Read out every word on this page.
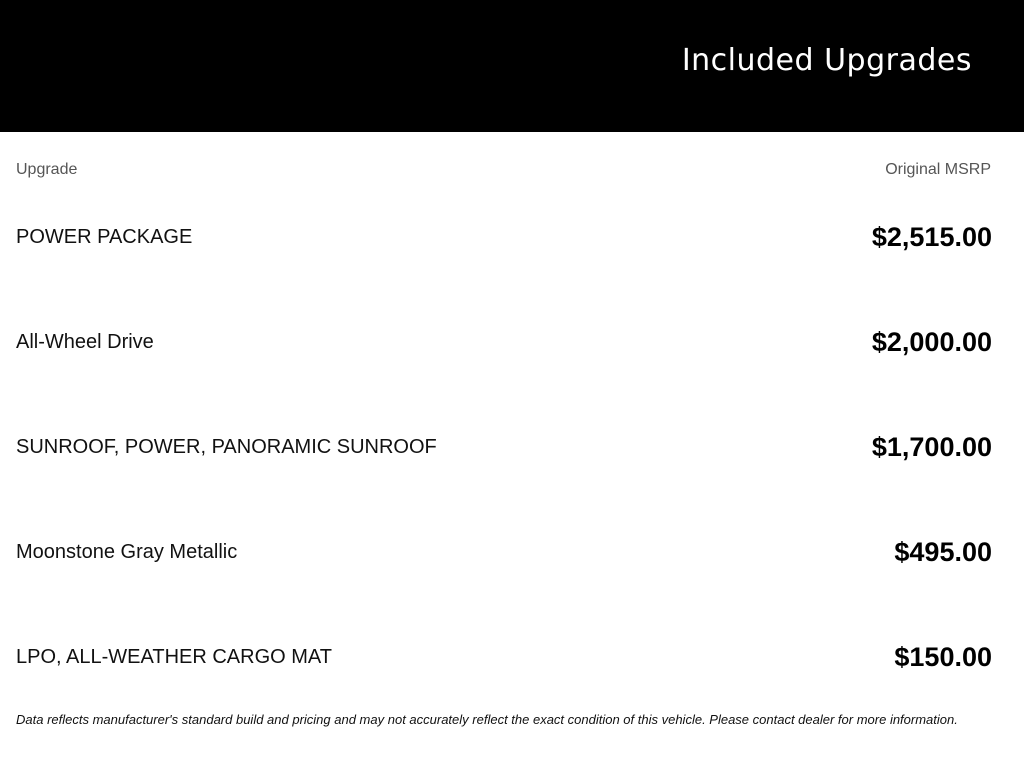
Included Upgrades
Upgrade	Original MSRP
POWER PACKAGE	$2,515.00
All-Wheel Drive	$2,000.00
SUNROOF, POWER, PANORAMIC SUNROOF	$1,700.00
Moonstone Gray Metallic	$495.00
LPO, ALL-WEATHER CARGO MAT	$150.00
Data reflects manufacturer's standard build and pricing and may not accurately reflect the exact condition of this vehicle. Please contact dealer for more information.
